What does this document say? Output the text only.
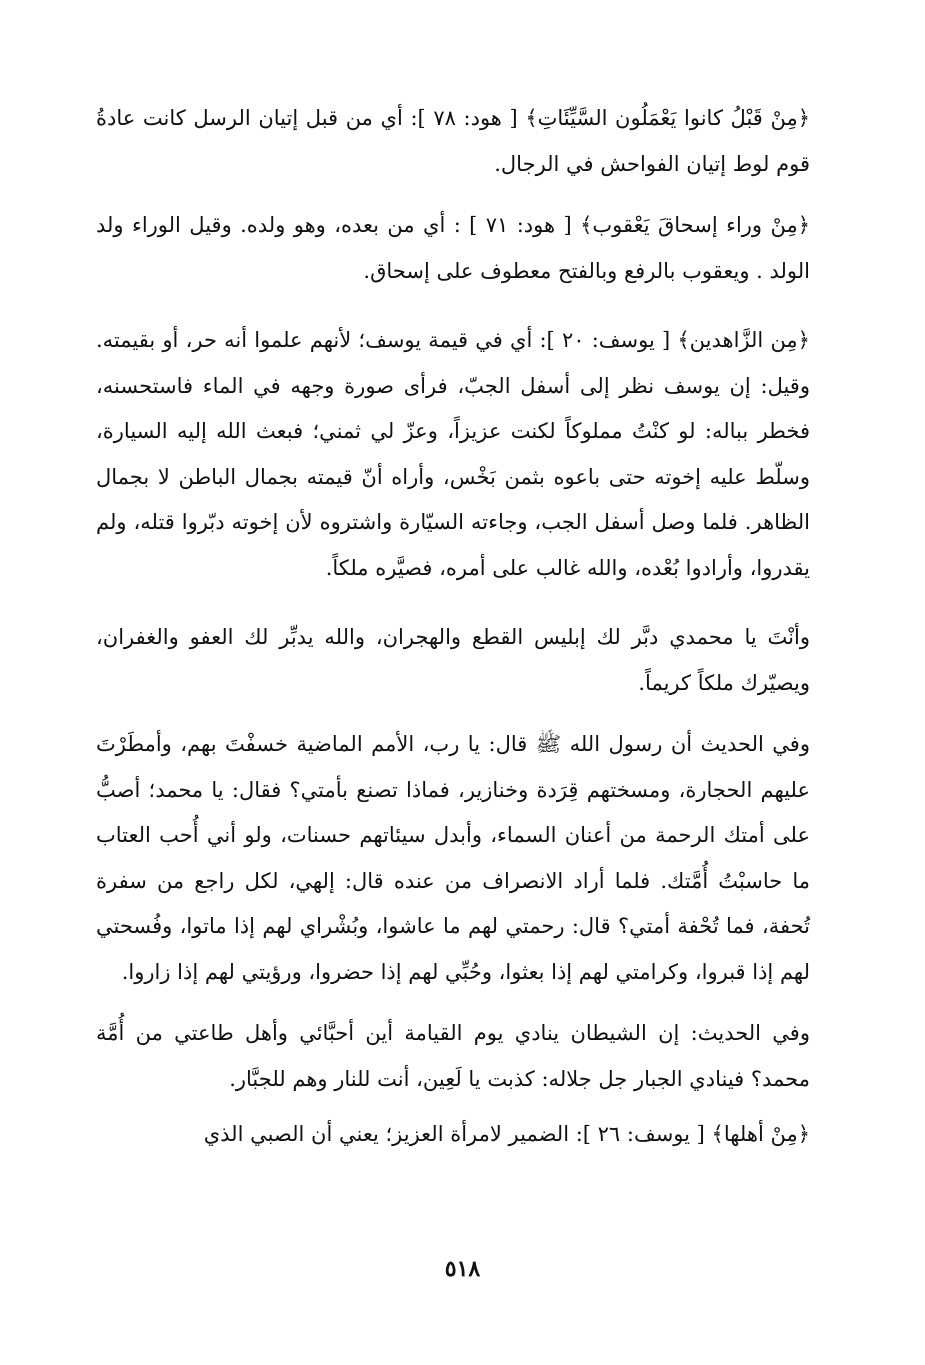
﴿مِنْ قَبْلُ كانوا يَعْمَلُون السَّيِّئَاتِ﴾ [ هود: ٧٨ ]: أي من قبل إتيان الرسل كانت عادةُ قوم لوط إتيان الفواحش في الرجال.

﴿مِنْ وراء إسحاقَ يَعْقوب﴾ [ هود: ٧١ ] : أي من بعده، وهو ولده. وقيل الوراء ولد الولد . ويعقوب بالرفع وبالفتح معطوف على إسحاق.

﴿مِن الزَّاهدين﴾ [ يوسف: ٢٠ ]: أي في قيمة يوسف؛ لأنهم علموا أنه حر، أو بقيمته. وقيل: إن يوسف نظر إلى أسفل الجبّ، فرأى صورة وجهه في الماء فاستحسنه، فخطر بباله: لو كنْتُ مملوكاً لكنت عزيزاً، وعزّ لي ثمني؛ فبعث الله إليه السيارة، وسلّط عليه إخوته حتى باعوه بثمن بَخْس، وأراه أنّ قيمته بجمال الباطن لا بجمال الظاهر. فلما وصل أسفل الجب، وجاءته السيّارة واشتروه لأن إخوته دبّروا قتله، ولم يقدروا، وأرادوا بُعْده، والله غالب على أمره، فصيَّره ملكاً.

وأنْتَ يا محمدي دبَّر لك إبليس القطع والهجران، والله يدبِّر لك العفو والغفران، ويصيّرك ملكاً كريماً.

وفي الحديث أن رسول الله ﷺ قال: يا رب، الأمم الماضية خسفْتَ بهم، وأمطَرْتَ عليهم الحجارة، ومسختهم قِرَدة وخنازير، فماذا تصنع بأمتي؟ فقال: يا محمد؛ أصبُّ على أمتك الرحمة من أعنان السماء، وأبدل سيئاتهم حسنات، ولو أني أُحب العتاب ما حاسبْتُ أُمَّتك. فلما أراد الانصراف من عنده قال: إلهي، لكل راجع من سفرة تُحفة، فما تُحْفة أمتي؟ قال: رحمتي لهم ما عاشوا، وبُشْراي لهم إذا ماتوا، وفُسحتي لهم إذا قبروا، وكرامتي لهم إذا بعثوا، وحُبِّي لهم إذا حضروا، ورؤيتي لهم إذا زاروا.

وفي الحديث: إن الشيطان ينادي يوم القيامة أين أحبَّائي وأهل طاعتي من أُمَّة محمد؟ فينادي الجبار جل جلاله: كذبت يا لَعِين، أنت للنار وهم للجبَّار.

﴿مِنْ أهلها﴾ [ يوسف: ٢٦ ]: الضمير لامرأة العزيز؛ يعني أن الصبي الذي

٥١٨
